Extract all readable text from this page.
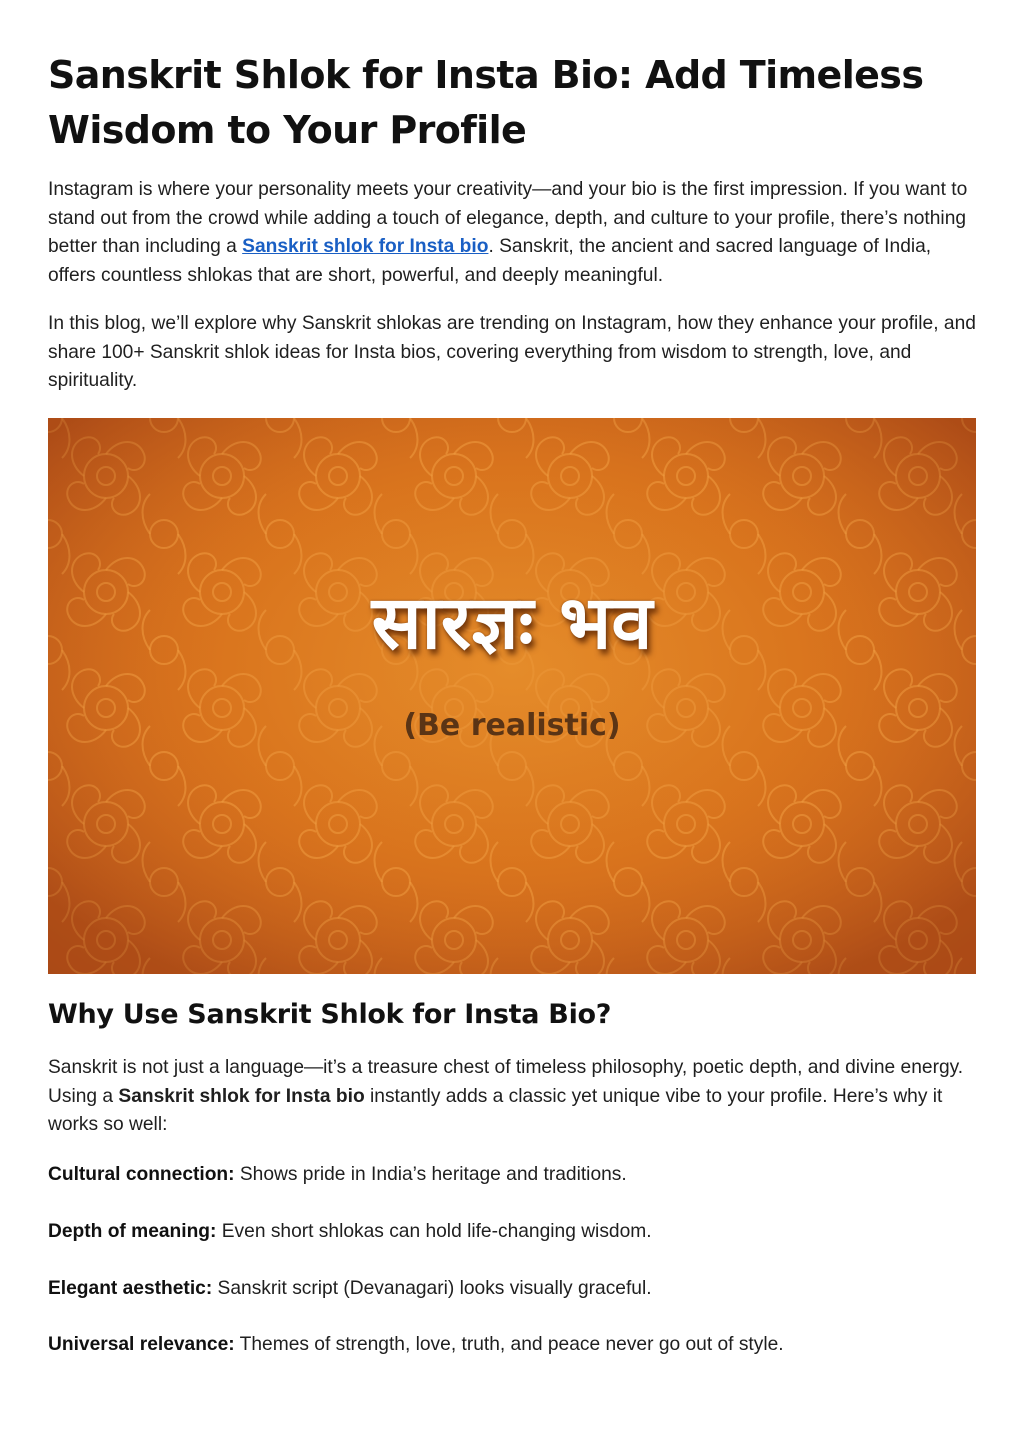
Sanskrit Shlok for Insta Bio: Add Timeless Wisdom to Your Profile

Instagram is where your personality meets your creativity—and your bio is the first impression. If you want to stand out from the crowd while adding a touch of elegance, depth, and culture to your profile, there’s nothing better than including a Sanskrit shlok for Insta bio. Sanskrit, the ancient and sacred language of India, offers countless shlokas that are short, powerful, and deeply meaningful.

In this blog, we’ll explore why Sanskrit shlokas are trending on Instagram, how they enhance your profile, and share 100+ Sanskrit shlok ideas for Insta bios, covering everything from wisdom to strength, love, and spirituality.

सारज्ञः भव
(Be realistic)
Why Use Sanskrit Shlok for Insta Bio?

Sanskrit is not just a language—it’s a treasure chest of timeless philosophy, poetic depth, and divine energy. Using a Sanskrit shlok for Insta bio instantly adds a classic yet unique vibe to your profile. Here’s why it works so well:

Cultural connection: Shows pride in India’s heritage and traditions.

Depth of meaning: Even short shlokas can hold life-changing wisdom.

Elegant aesthetic: Sanskrit script (Devanagari) looks visually graceful.

Universal relevance: Themes of strength, love, truth, and peace never go out of style.
